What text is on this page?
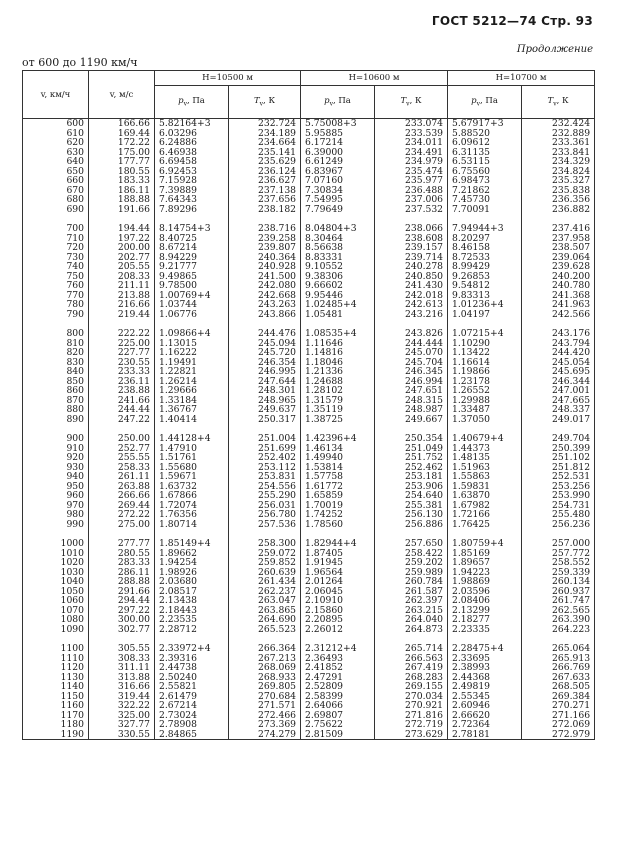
ГОСТ 5212—74 Стр. 93
Продолжение
от 600 до 1190 км/ч
v, км/ч	v, м/с	H=10500 м		H=10600 м		H=10700 м	
		$p_v$, Па	$T_v$, К	$p_v$, Па	$T_v$, К	$p_v$, Па	$T_v$, К
600	166.66	5.82164+3	232.724	5.75008+3	233.074	5.67917+3	232.424
610	169.44	6.03296	234.189	5.95885	233.539	5.88520	232.889
620	172.22	6.24886	234.664	6.17214	234.011	6.09612	233.361
630	175.00	6.46938	235.141	6.39000	234.491	6.31135	233.841
640	177.77	6.69458	235.629	6.61249	234.979	6.53115	234.329
650	180.55	6.92453	236.124	6.83967	235.474	6.75560	234.824
660	183.33	7.15928	236.627	7.07160	235.977	6.98473	235.327
670	186.11	7.39889	237.138	7.30834	236.488	7.21862	235.838
680	188.88	7.64343	237.656	7.54995	237.006	7.45730	236.356
690	191.66	7.89296	238.182	7.79649	237.532	7.70091	236.882

700	194.44	8.14754+3	238.716	8.04804+3	238.066	7.94944+3	237.416
710	197.22	8.40725	239.258	8.30464	238.608	8.20297	237.958
720	200.00	8.67214	239.807	8.56638	239.157	8.46158	238.507
730	202.77	8.94229	240.364	8.83331	239.714	8.72533	239.064
740	205.55	9.21777	240.928	9.10552	240.278	8.99429	239.628
750	208.33	9.49865	241.500	9.38306	240.850	9.26853	240.200
760	211.11	9.78500	242.080	9.66602	241.430	9.54812	240.780
770	213.88	1.00769+4	242.668	9.95446	242.018	9.83313	241.368
780	216.66	1.03744	243.263	1.02485+4	242.613	1.01236+4	241.963
790	219.44	1.06776	243.866	1.05481	243.216	1.04197	242.566

800	222.22	1.09866+4	244.476	1.08535+4	243.826	1.07215+4	243.176
810	225.00	1.13015	245.094	1.11646	244.444	1.10290	243.794
820	227.77	1.16222	245.720	1.14816	245.070	1.13422	244.420
830	230.55	1.19491	246.354	1.18046	245.704	1.16614	245.054
840	233.33	1.22821	246.995	1.21336	246.345	1.19866	245.695
850	236.11	1.26214	247.644	1.24688	246.994	1.23178	246.344
860	238.88	1.29666	248.301	1.28102	247.651	1.26552	247.001
870	241.66	1.33184	248.965	1.31579	248.315	1.29988	247.665
880	244.44	1.36767	249.637	1.35119	248.987	1.33487	248.337
890	247.22	1.40414	250.317	1.38725	249.667	1.37050	249.017

900	250.00	1.44128+4	251.004	1.42396+4	250.354	1.40679+4	249.704
910	252.77	1.47910	251.699	1.46134	251.049	1.44373	250.399
920	255.55	1.51761	252.402	1.49940	251.752	1.48135	251.102
930	258.33	1.55680	253.112	1.53814	252.462	1.51963	251.812
940	261.11	1.59671	253.831	1.57758	253.181	1.55863	252.531
950	263.88	1.63732	254.556	1.61772	253.906	1.59831	253.256
960	266.66	1.67866	255.290	1.65859	254.640	1.63870	253.990
970	269.44	1.72074	256.031	1.70019	255.381	1.67982	254.731
980	272.22	1.76356	256.780	1.74252	256.130	1.72166	255.480
990	275.00	1.80714	257.536	1.78560	256.886	1.76425	256.236

1000	277.77	1.85149+4	258.300	1.82944+4	257.650	1.80759+4	257.000
1010	280.55	1.89662	259.072	1.87405	258.422	1.85169	257.772
1020	283.33	1.94254	259.852	1.91945	259.202	1.89657	258.552
1030	286.11	1.98926	260.639	1.96564	259.989	1.94223	259.339
1040	288.88	2.03680	261.434	2.01264	260.784	1.98869	260.134
1050	291.66	2.08517	262.237	2.06045	261.587	2.03596	260.937
1060	294.44	2.13438	263.047	2.10910	262.397	2.08406	261.747
1070	297.22	2.18443	263.865	2.15860	263.215	2.13299	262.565
1080	300.00	2.23535	264.690	2.20895	264.040	2.18277	263.390
1090	302.77	2.28712	265.523	2.26012	264.873	2.23335	264.223

1100	305.55	2.33972+4	266.364	2.31212+4	265.714	2.28475+4	265.064
1110	308.33	2.39316	267.213	2.36493	266.563	2.33695	265.913
1120	311.11	2.44738	268.069	2.41852	267.419	2.38993	266.769
1130	313.88	2.50240	268.933	2.47291	268.283	2.44368	267.633
1140	316.66	2.55821	269.805	2.52809	269.155	2.49819	268.505
1150	319.44	2.61479	270.684	2.58399	270.034	2.55345	269.384
1160	322.22	2.67214	271.571	2.64066	270.921	2.60946	270.271
1170	325.00	2.73024	272.466	2.69807	271.816	2.66620	271.166
1180	327.77	2.78908	273.369	2.75622	272.719	2.72364	272.069
1190	330.55	2.84865	274.279	2.81509	273.629	2.78181	272.979
